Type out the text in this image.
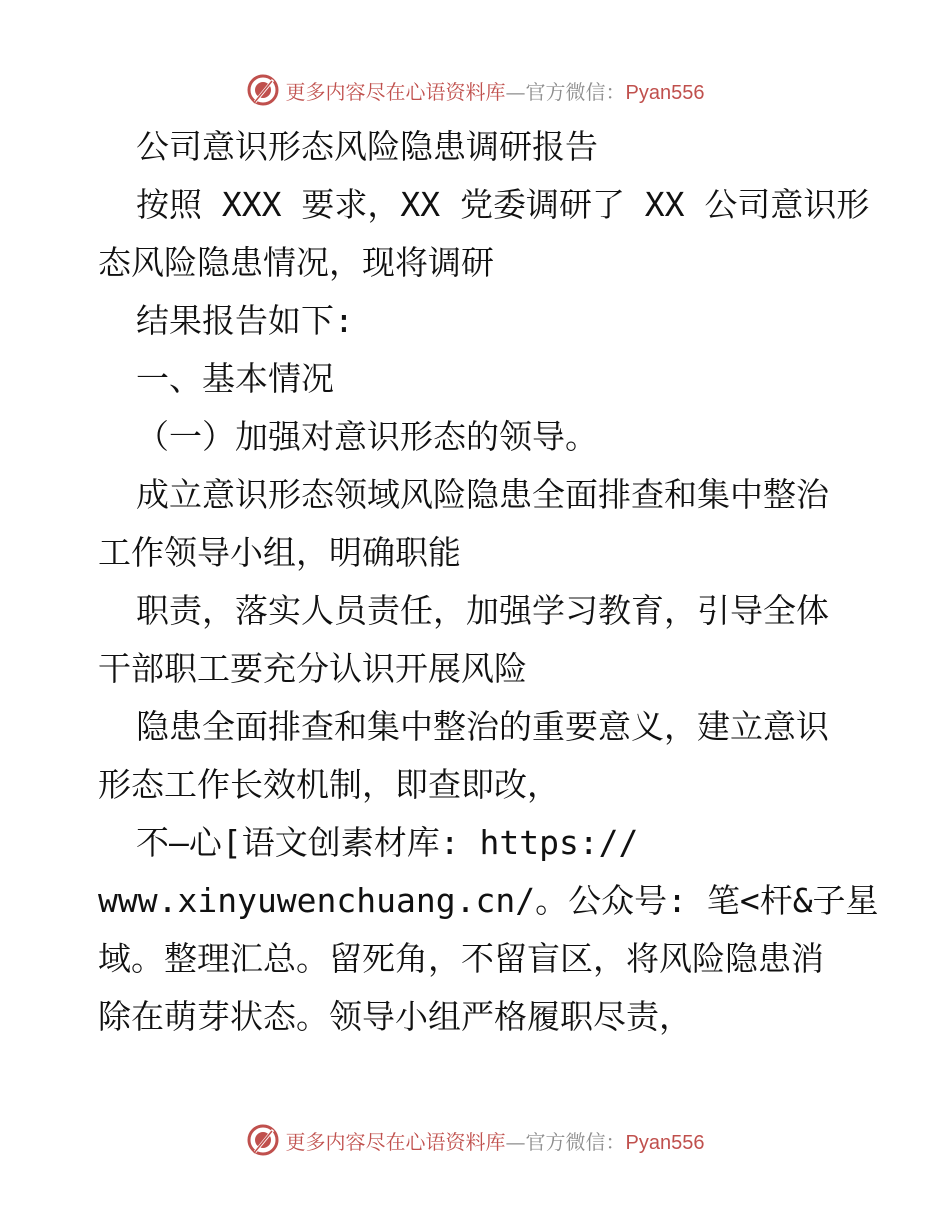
更多内容尽在心语资料库—官方微信：Pyan556
公司意识形态风险隐患调研报告
按照 XXX 要求，XX 党委调研了 XX 公司意识形
态风险隐患情况，现将调研
结果报告如下:
一、基本情况
（一）加强对意识形态的领导。
成立意识形态领域风险隐患全面排查和集中整治
工作领导小组，明确职能
职责，落实人员责任，加强学习教育，引导全体
干部职工要充分认识开展风险
隐患全面排查和集中整治的重要意义，建立意识
形态工作长效机制，即查即改，
不—心[语文创素材库: https://
www.xinyuwenchuang.cn/。公众号: 笔<杆&子星
域。整理汇总。留死角，不留盲区，将风险隐患消
除在萌芽状态。领导小组严格履职尽责，
更多内容尽在心语资料库—官方微信：Pyan556
